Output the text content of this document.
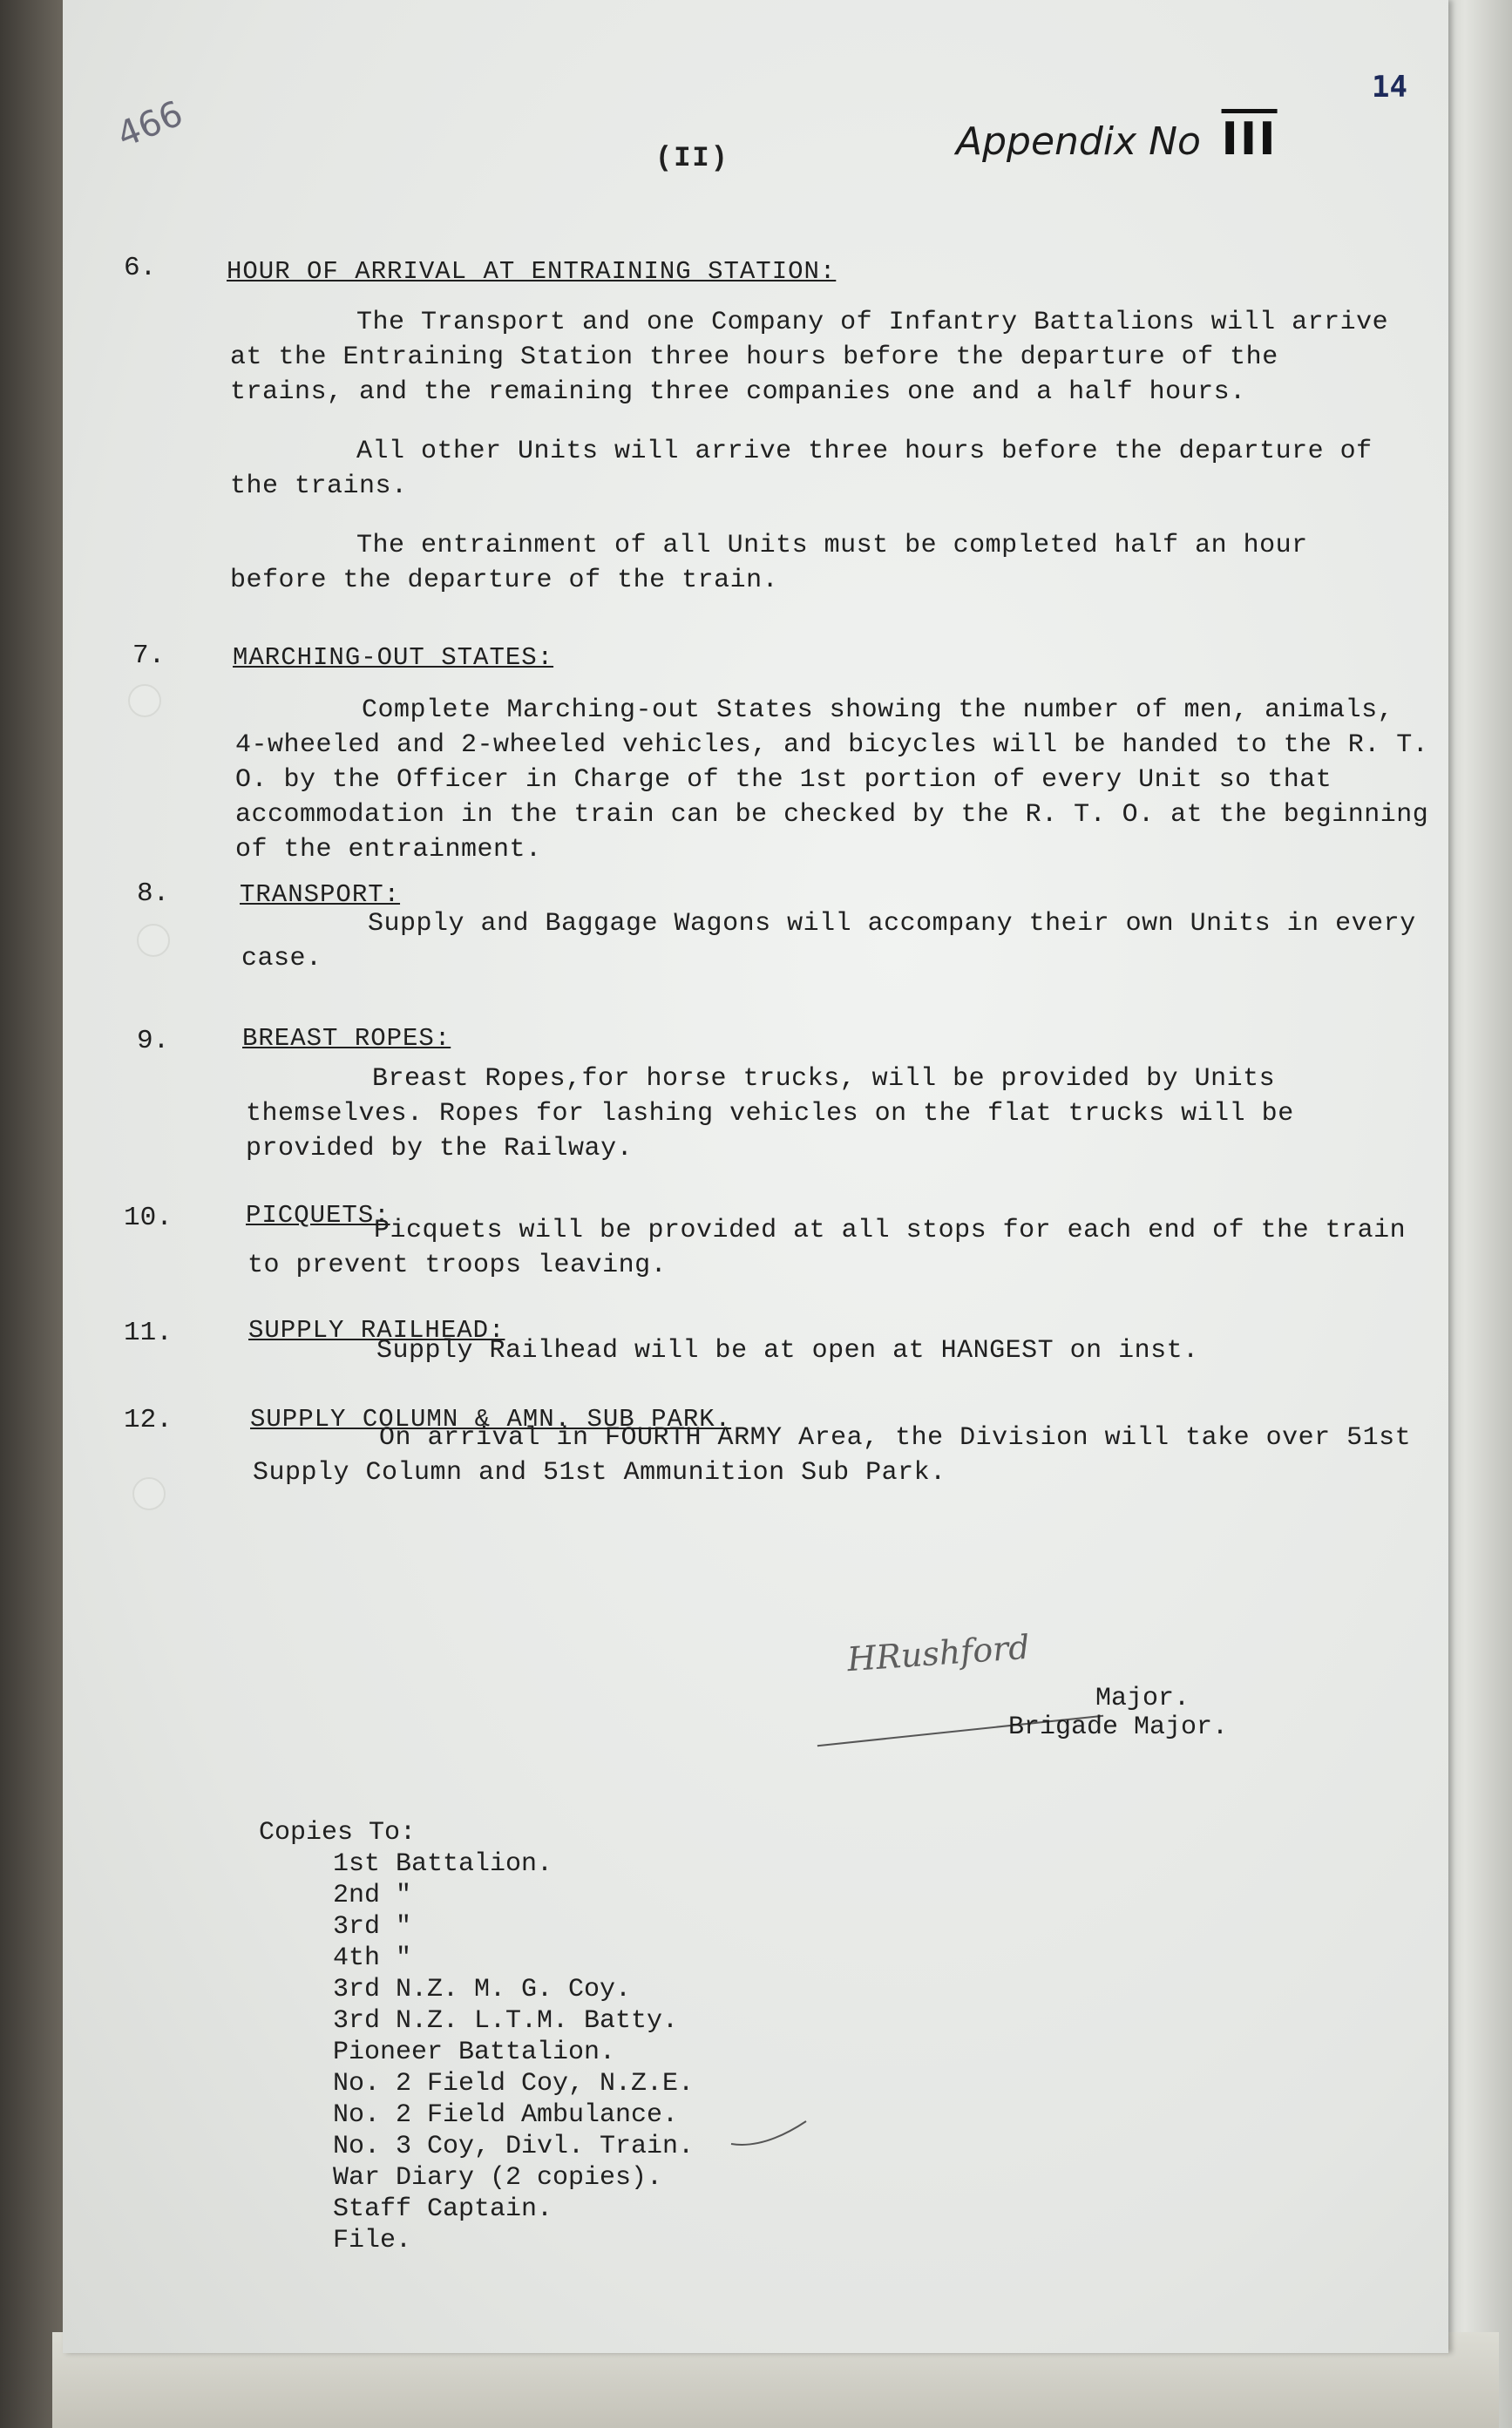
466
14
Appendix No $\overline{III}$
(II)
6.	HOUR OF ARRIVAL AT ENTRAINING STATION:

The Transport and one Company of Infantry Battalions will arrive at the Entraining Station three hours before the departure of the trains, and the remaining three companies one and a half hours.

All other Units will arrive three hours before the departure of the trains.

The entrainment of all Units must be completed half an hour before the departure of the train.

7.	MARCHING-OUT STATES:

Complete Marching-out States showing the number of men, animals, 4-wheeled and 2-wheeled vehicles, and bicycles will be handed to the R. T. O. by the Officer in Charge of the 1st portion of every Unit so that accommodation in the train can be checked by the R. T. O. at the beginning of the entrainment.

8.	TRANSPORT:

Supply and Baggage Wagons will accompany their own Units in every case.

9.	BREAST ROPES:

Breast Ropes,for horse trucks, will be provided by Units themselves. Ropes for lashing vehicles on the flat trucks will be provided by the Railway.

10.	PICQUETS:

Picquets will be provided at all stops for each end of the train to prevent troops leaving.

11.	SUPPLY RAILHEAD:

Supply Railhead will be at open at HANGEST on inst.

12.	SUPPLY COLUMN & AMN. SUB PARK.

On arrival in FOURTH ARMY Area, the Division will take over 51st Supply Column and 51st Ammunition Sub Park.

HRushford
Major.
Brigade Major.
Copies To:
1st Battalion.
2nd "
3rd "
4th "
3rd N.Z. M. G. Coy.
3rd N.Z. L.T.M. Batty.
Pioneer Battalion.
No. 2 Field Coy, N.Z.E.
No. 2 Field Ambulance.
No. 3 Coy, Divl. Train.
War Diary (2 copies).
Staff Captain.
File.
